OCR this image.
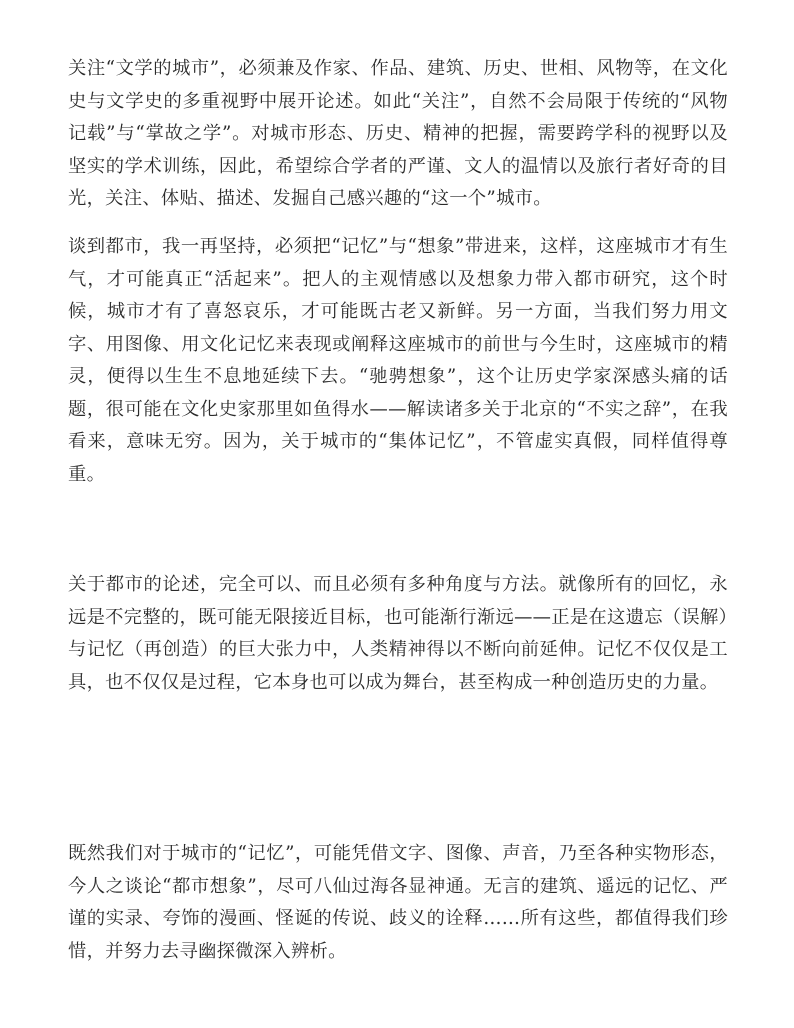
关注“文学的城市”，必须兼及作家、作品、建筑、历史、世相、风物等，在文化史与文学史的多重视野中展开论述。如此“关注”，自然不会局限于传统的“风物记载”与“掌故之学”。对城市形态、历史、精神的把握，需要跨学科的视野以及坚实的学术训练，因此，希望综合学者的严谨、文人的温情以及旅行者好奇的目光，关注、体贴、描述、发掘自己感兴趣的“这一个”城市。

谈到都市，我一再坚持，必须把“记忆”与“想象”带进来，这样，这座城市才有生气，才可能真正“活起来”。把人的主观情感以及想象力带入都市研究，这个时候，城市才有了喜怒哀乐，才可能既古老又新鲜。另一方面，当我们努力用文字、用图像、用文化记忆来表现或阐释这座城市的前世与今生时，这座城市的精灵，便得以生生不息地延续下去。“驰骋想象”，这个让历史学家深感头痛的话题，很可能在文化史家那里如鱼得水——解读诸多关于北京的“不实之辞”，在我看来，意味无穷。因为，关于城市的“集体记忆”，不管虚实真假，同样值得尊重。

关于都市的论述，完全可以、而且必须有多种角度与方法。就像所有的回忆，永远是不完整的，既可能无限接近目标，也可能渐行渐远——正是在这遗忘（误解）与记忆（再创造）的巨大张力中，人类精神得以不断向前延伸。记忆不仅仅是工具，也不仅仅是过程，它本身也可以成为舞台，甚至构成一种创造历史的力量。

既然我们对于城市的“记忆”，可能凭借文字、图像、声音，乃至各种实物形态，今人之谈论“都市想象”，尽可八仙过海各显神通。无言的建筑、遥远的记忆、严谨的实录、夸饰的漫画、怪诞的传说、歧义的诠释……所有这些，都值得我们珍惜，并努力去寻幽探微深入辨析。
